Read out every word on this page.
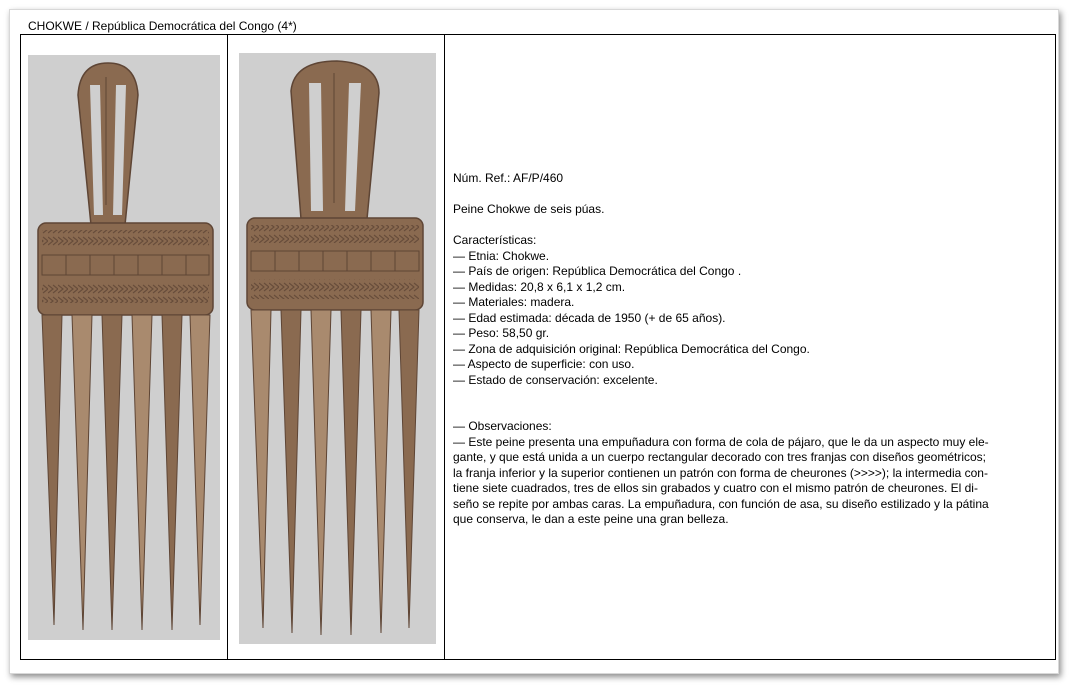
CHOKWE / República Democrática del Congo (4*)

Núm. Ref.: AF/P/460

Peine Chokwe de seis púas.

Características:

— Etnia: Chokwe.

— País de origen: República Democrática del Congo .

— Medidas: 20,8 x 6,1 x 1,2 cm.

— Materiales: madera.

— Edad estimada: década de 1950 (+ de 65 años).

— Peso: 58,50 gr.

— Zona de adquisición original: República Democrática del Congo.

— Aspecto de superficie: con uso.

— Estado de conservación: excelente.

— Observaciones:

— Este peine presenta una empuñadura con forma de cola de pájaro, que le da un aspecto muy ele-

gante, y que está unida a un cuerpo rectangular decorado con tres franjas con diseños geométricos;

la franja inferior y la superior contienen un patrón con forma de cheurones (>>>>); la intermedia con-

tiene siete cuadrados, tres de ellos sin grabados y cuatro con el mismo patrón de cheurones. El di-

seño se repite por ambas caras. La empuñadura, con función de asa, su diseño estilizado y la pátina

que conserva, le dan a este peine una gran belleza.
